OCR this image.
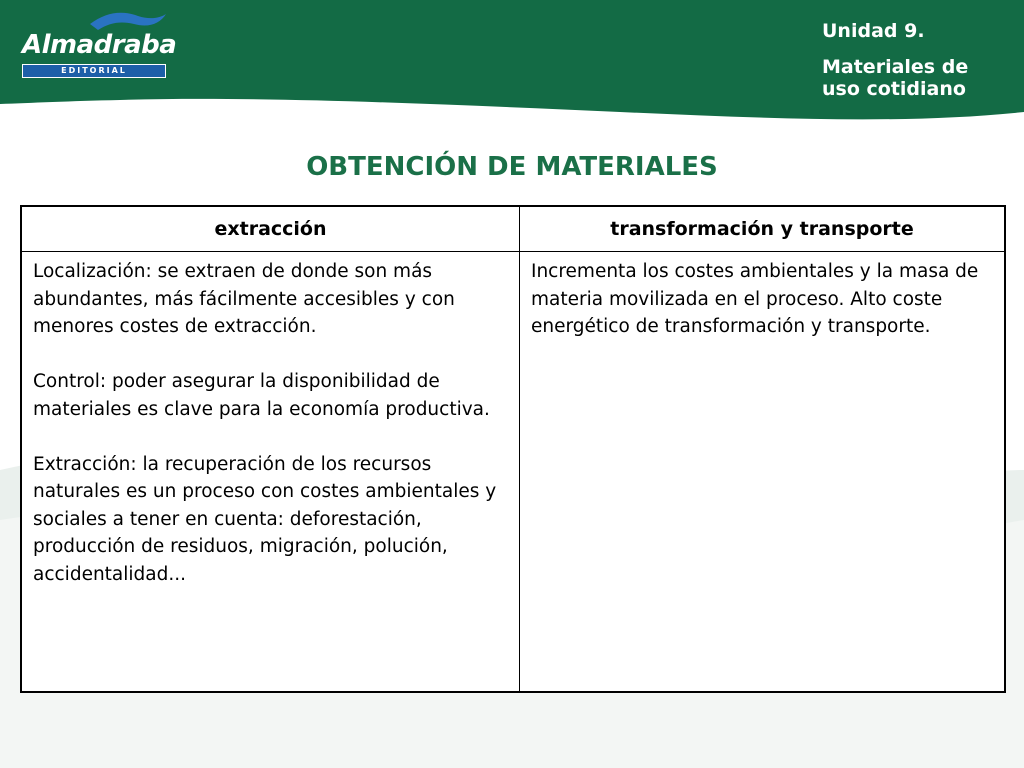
Almadraba
EDITORIAL
Unidad 9.
Materiales de uso cotidiano
OBTENCIÓN DE MATERIALES
extracción	transformación y transporte

Localización: se extraen de donde son más abundantes, más fácilmente accesibles y con menores costes de extracción.
Control: poder asegurar la disponibilidad de materiales es clave para la economía productiva.
Extracción: la recuperación de los recursos naturales es un proceso con costes ambientales y sociales a tener en cuenta: deforestación, producción de residuos, migración, polución, accidentalidad...	Incrementa los costes ambientales y la masa de materia movilizada en el proceso. Alto coste energético de transformación y transporte.
